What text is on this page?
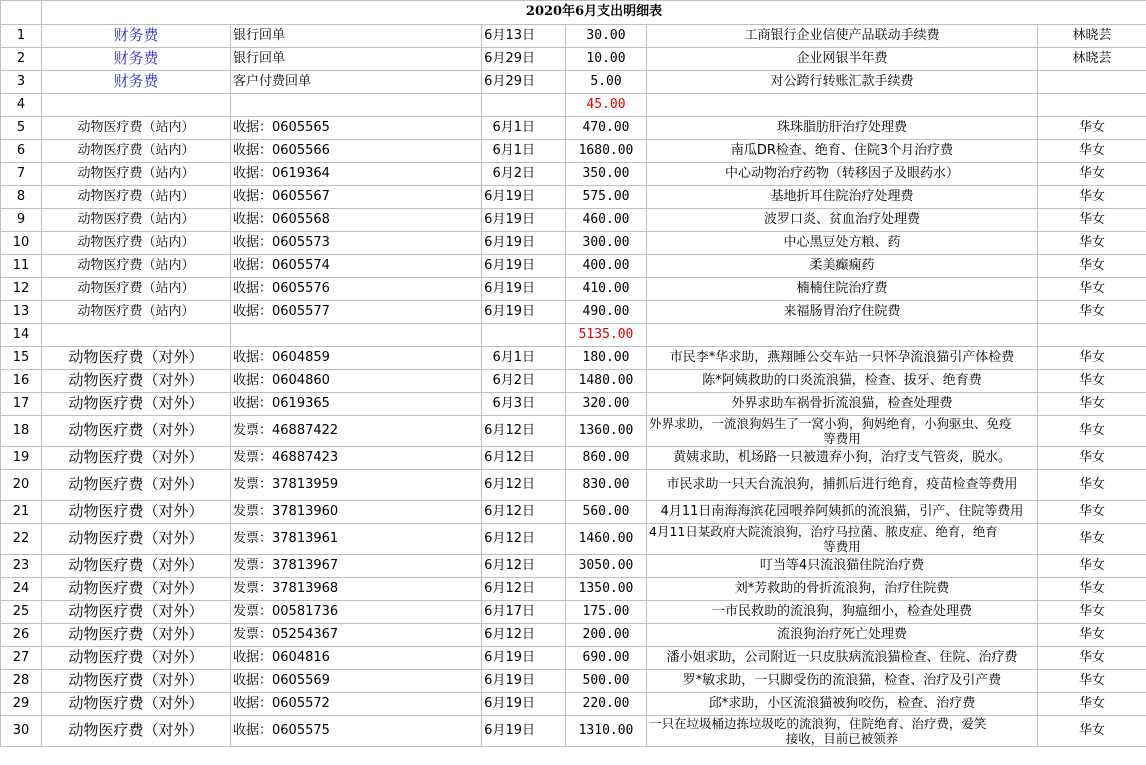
	2020年6月支出明细表					
1	财务费	银行回单	6月13日	30.00	工商银行企业信使产品联动手续费	林晓芸
2	财务费	银行回单	6月29日	10.00	企业网银半年费	林晓芸
3	财务费	客户付费回单	6月29日	5.00	对公跨行转账汇款手续费	
4				45.00		
5	动物医疗费（站内）	收据：0605565	6月1日	470.00	珠珠脂肪肝治疗处理费	华女
6	动物医疗费（站内）	收据：0605566	6月1日	1680.00	南瓜DR检查、绝育、住院3个月治疗费	华女
7	动物医疗费（站内）	收据：0619364	6月2日	350.00	中心动物治疗药物（转移因子及眼药水）	华女
8	动物医疗费（站内）	收据：0605567	6月19日	575.00	基地折耳住院治疗处理费	华女
9	动物医疗费（站内）	收据：0605568	6月19日	460.00	波罗口炎、贫血治疗处理费	华女
10	动物医疗费（站内）	收据：0605573	6月19日	300.00	中心黑豆处方粮、药	华女
11	动物医疗费（站内）	收据：0605574	6月19日	400.00	柔美癫痫药	华女
12	动物医疗费（站内）	收据：0605576	6月19日	410.00	楠楠住院治疗费	华女
13	动物医疗费（站内）	收据：0605577	6月19日	490.00	来福肠胃治疗住院费	华女
14				5135.00		
15	动物医疗费（对外）	收据：0604859	6月1日	180.00	市民李*华求助，燕翔睡公交车站一只怀孕流浪猫引产体检费	华女
16	动物医疗费（对外）	收据：0604860	6月2日	1480.00	陈*阿姨救助的口炎流浪猫，检查、拔牙、绝育费	华女
17	动物医疗费（对外）	收据：0619365	6月3日	320.00	外界求助车祸骨折流浪猫，检查处理费	华女
18	动物医疗费（对外）	发票：46887422	6月12日	1360.00	外界求助，一流浪狗妈生了一窝小狗，狗妈绝育，小狗驱虫、免疫
等费用	华女
19	动物医疗费（对外）	发票：46887423	6月12日	860.00	黄姨求助，机场路一只被遗弃小狗，治疗支气管炎，脱水。	华女
20	动物医疗费（对外）	发票：37813959	6月12日	830.00	市民求助一只天台流浪狗，捕抓后进行绝育，疫苗检查等费用	华女
21	动物医疗费（对外）	发票：37813960	6月12日	560.00	4月11日南海海滨花园喂养阿姨抓的流浪猫，引产、住院等费用	华女
22	动物医疗费（对外）	发票：37813961	6月12日	1460.00	4月11日某政府大院流浪狗，治疗马拉菌、脓皮症、绝育，绝育
等费用	华女
23	动物医疗费（对外）	发票：37813967	6月12日	3050.00	叮当等4只流浪猫住院治疗费	华女
24	动物医疗费（对外）	发票：37813968	6月12日	1350.00	刘*芳救助的骨折流浪狗，治疗住院费	华女
25	动物医疗费（对外）	发票：00581736	6月17日	175.00	一市民救助的流浪狗，狗瘟细小，检查处理费	华女
26	动物医疗费（对外）	发票：05254367	6月12日	200.00	流浪狗治疗死亡处理费	华女
27	动物医疗费（对外）	收据：0604816	6月19日	690.00	潘小姐求助，公司附近一只皮肤病流浪猫检查、住院、治疗费	华女
28	动物医疗费（对外）	收据：0605569	6月19日	500.00	罗*敏求助，一只脚受伤的流浪猫，检查、治疗及引产费	华女
29	动物医疗费（对外）	收据：0605572	6月19日	220.00	邱*求助，小区流浪猫被狗咬伤，检查、治疗费	华女
30	动物医疗费（对外）	收据：0605575	6月19日	1310.00	一只在垃圾桶边拣垃圾吃的流浪狗，住院绝育、治疗费，爱笑
接收，目前已被领养	华女
